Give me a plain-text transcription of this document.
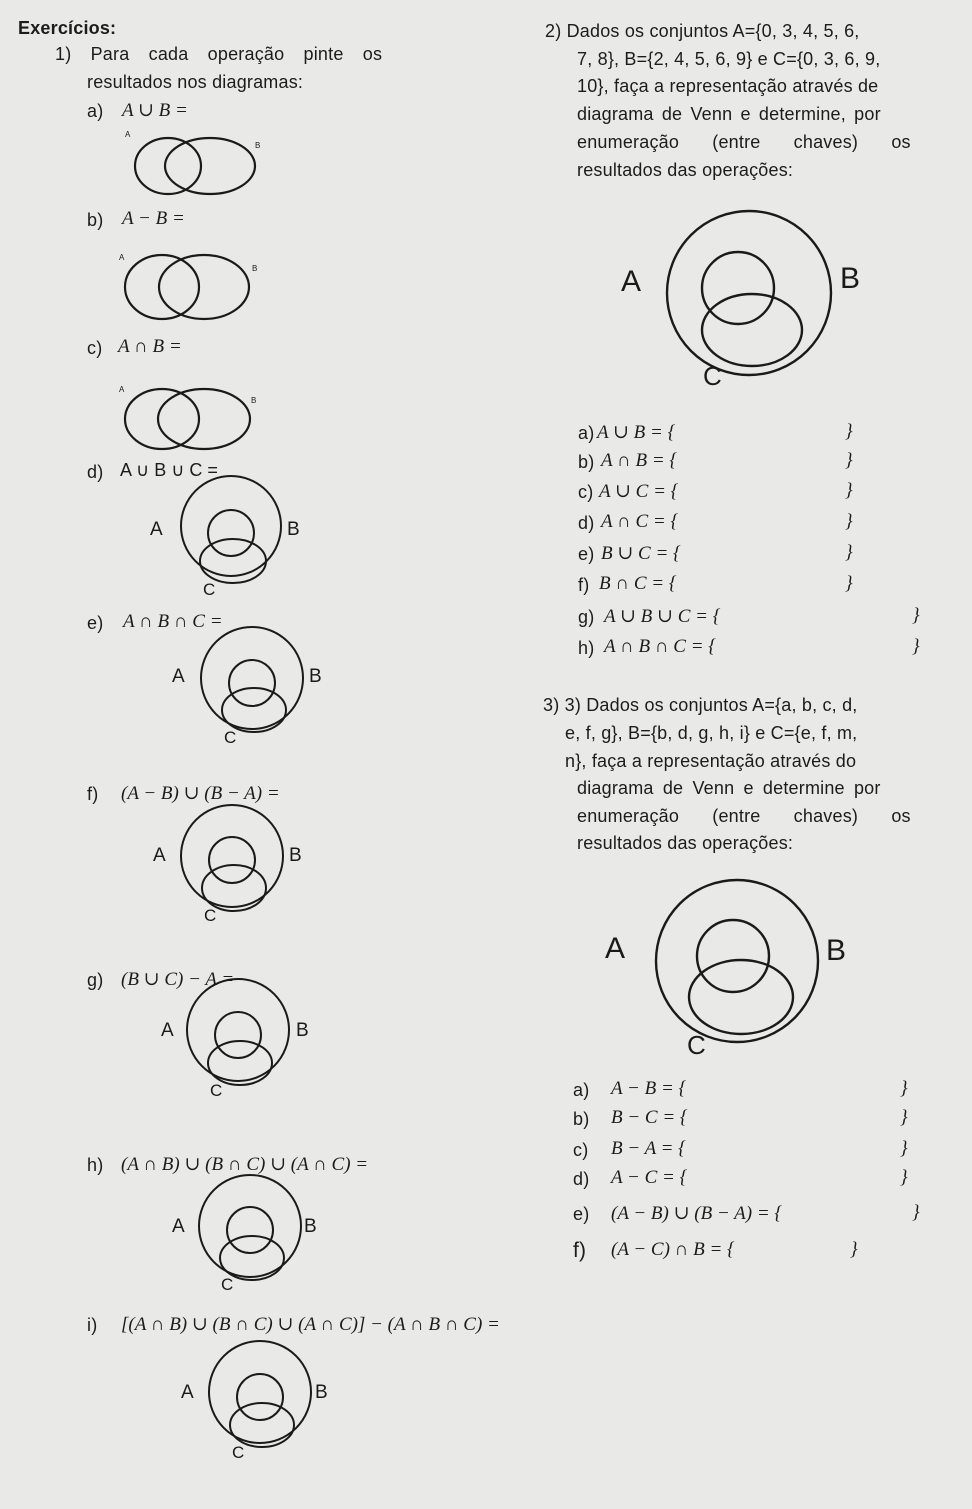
Exercícios:
1) Para cada operação pinte os
resultados nos diagramas:
a) A ∪ B =
A
B
b) A − B =
A
B
c) A ∩ B =
A
B
d) A ∪ B ∪ C =
A	B
C
e) A ∩ B ∩ C =
A	B
C
f) (A − B) ∪ (B − A) =
A	B
C
g) (B ∪ C) − A =
A	B
C
h) (A ∩ B) ∪ (B ∩ C) ∪ (A ∩ C) =
A	B
C
i) [(A ∩ B) ∪ (B ∩ C) ∪ (A ∩ C)] − (A ∩ B ∩ C) =
A	B
C
2) Dados os conjuntos A={0, 3, 4, 5, 6,
7, 8}, B={2, 4, 5, 6, 9} e C={0, 3, 6, 9,
10}, faça a representação através de
diagrama de Venn e determine, por
enumeração (entre chaves) os
resultados das operações:
A	B
C
a) A ∪ B = {	}
b) A ∩ B = {	}
c) A ∪ C = {	}
d) A ∩ C = {	}
e) B ∪ C = {	}
f) B ∩ C = {	}
g) A ∪ B ∪ C = {	}
h) A ∩ B ∩ C = {	}
3) 3) Dados os conjuntos A={a, b, c, d,
e, f, g}, B={b, d, g, h, i} e C={e, f, m,
n}, faça a representação através do
diagrama de Venn e determine por
enumeração (entre chaves) os
resultados das operações:
A	B
C
a) A − B = {	}
b) B − C = {	}
c) B − A = {	}
d) A − C = {	}
e) (A − B) ∪ (B − A) = {	}
f) (A − C) ∩ B = {	}
